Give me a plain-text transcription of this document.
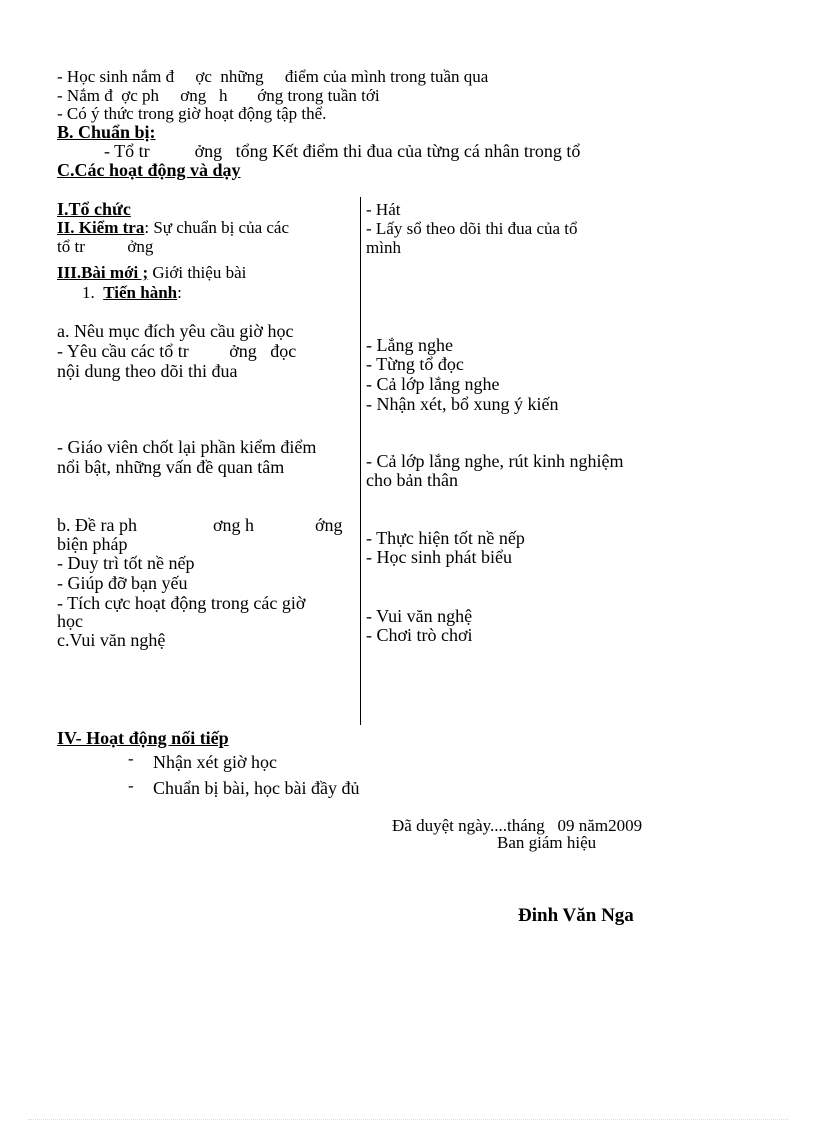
- Học sinh nắm đ     ợc  những     điểm của mình trong tuần qua
- Nắm đ  ợc ph     ơng   h       ớng trong tuần tới
- Có ý thức trong giờ hoạt động tập thể.
B. Chuẩn bị:
- Tổ tr          ởng   tổng Kết điểm thi đua của từng cá nhân trong tổ
C.Các hoạt động và dạy
I.Tổ chức
II. Kiểm tra: Sự chuẩn bị của các
tổ tr          ởng
III.Bài mới ; Giới thiệu bài
1. Tiến hành:
a. Nêu mục đích yêu cầu giờ học
- Yêu cầu các tổ tr         ởng   đọc
nội dung theo dõi thi đua
- Giáo viên chốt lại phần kiểm điểm
nổi bật, những vấn đề quan tâm
b. Đề ra ph	ơng h	ớng
biện pháp
- Duy trì tốt nề nếp
- Giúp đỡ bạn yếu
- Tích cực hoạt động trong các giờ
học
c.Vui văn nghệ
- Hát
- Lấy sổ theo dõi thi đua của tổ
mình
- Lắng nghe
- Từng tổ đọc
- Cả lớp lắng nghe
- Nhận xét, bổ xung ý kiến
- Cả lớp lắng nghe, rút kinh nghiệm
cho bản thân
- Thực hiện tốt nề nếp
- Học sinh phát biểu
- Vui văn nghệ
- Chơi trò chơi
IV- Hoạt động nối tiếp
- Nhận xét giờ học
- Chuẩn bị bài, học bài đầy đủ
Đã duyệt ngày....tháng   09 năm2009
Ban giám hiệu
Đinh Văn Nga
